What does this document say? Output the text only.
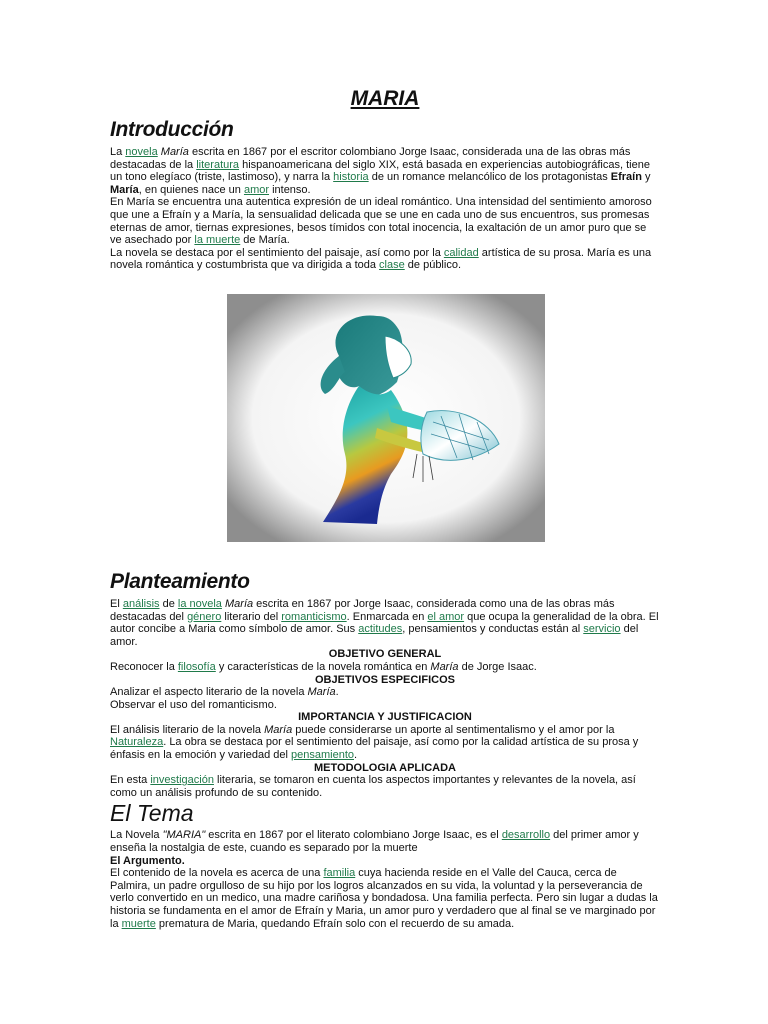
MARIA
Introducción

La novela María escrita en 1867 por el escritor colombiano Jorge Isaac, considerada una de las obras más destacadas de la literatura hispanoamericana del siglo XIX, está basada en experiencias autobiográficas, tiene un tono elegíaco (triste, lastimoso), y narra la historia de un romance melancólico de los protagonistas Efraín y María, en quienes nace un amor intenso.

En María se encuentra una autentica expresión de un ideal romántico. Una intensidad del sentimiento amoroso que une a Efraín y a María, la sensualidad delicada que se une en cada uno de sus encuentros, sus promesas eternas de amor, tiernas expresiones, besos tímidos con total inocencia, la exaltación de un amor puro que se ve asechado por la muerte de María.

La novela se destaca por el sentimiento del paisaje, así como por la calidad artística de su prosa. María es una novela romántica y costumbrista que va dirigida a toda clase de público.

Planteamiento

El análisis de la novela María escrita en 1867 por Jorge Isaac, considerada como una de las obras más destacadas del género literario del romanticismo. Enmarcada en el amor que ocupa la generalidad de la obra. El autor concibe a Maria como símbolo de amor. Sus actitudes, pensamientos y conductas están al servicio del amor.

OBJETIVO GENERAL

Reconocer la filosofía y características de la novela romántica en María de Jorge Isaac.

OBJETIVOS ESPECIFICOS

Analizar el aspecto literario de la novela María.

Observar el uso del romanticismo.

IMPORTANCIA Y JUSTIFICACION

El análisis literario de la novela María puede considerarse un aporte al sentimentalismo y el amor por la Naturaleza. La obra se destaca por el sentimiento del paisaje, así como por la calidad artística de su prosa y énfasis en la emoción y variedad del pensamiento.

METODOLOGIA APLICADA

En esta investigación literaria, se tomaron en cuenta los aspectos importantes y relevantes de la novela, así como un análisis profundo de su contenido.

El Tema

La Novela "MARIA" escrita en 1867 por el literato colombiano Jorge Isaac, es el desarrollo del primer amor y enseña la nostalgia de este, cuando es separado por la muerte

El Argumento.

El contenido de la novela es acerca de una familia cuya hacienda reside en el Valle del Cauca, cerca de Palmira, un padre orgulloso de su hijo por los logros alcanzados en su vida, la voluntad y la perseverancia de verlo convertido en un medico, una madre cariñosa y bondadosa. Una familia perfecta. Pero sin lugar a dudas la historia se fundamenta en el amor de Efraín y Maria, un amor puro y verdadero que al final se ve marginado por la muerte prematura de Maria, quedando Efraín solo con el recuerdo de su amada.
